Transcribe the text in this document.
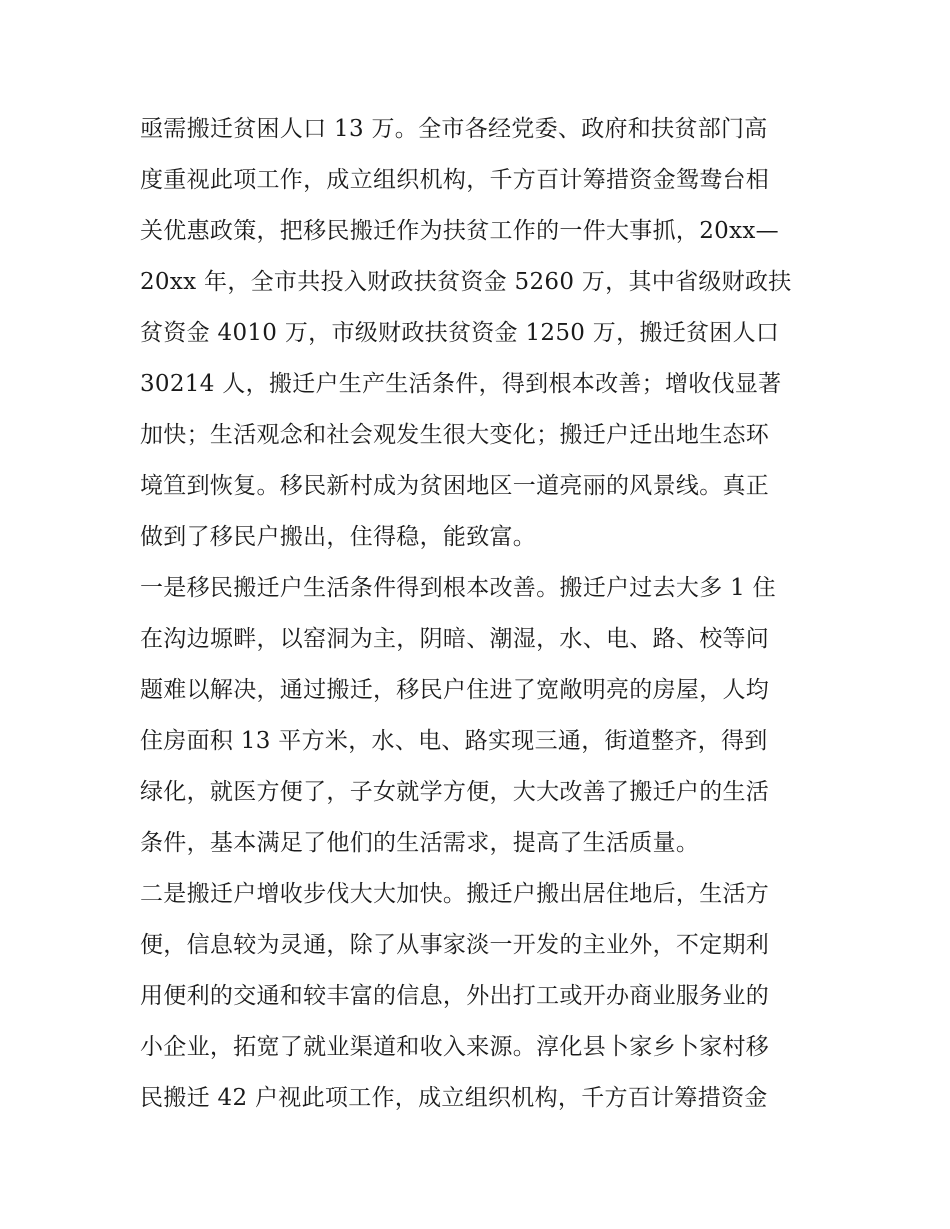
亟需搬迁贫困人口 13 万。全市各经党委、政府和扶贫部门高
度重视此项工作，成立组织机构，千方百计筹措资金鸳鸯台相
关优惠政策，把移民搬迁作为扶贫工作的一件大事抓，20xx—
20xx 年，全市共投入财政扶贫资金 5260 万，其中省级财政扶
贫资金 4010 万，市级财政扶贫资金 1250 万，搬迁贫困人口
30214 人，搬迁户生产生活条件，得到根本改善；增收伐显著
加快；生活观念和社会观发生很大变化；搬迁户迁出地生态环
境笪到恢复。移民新村成为贫困地区一道亮丽的风景线。真正
做到了移民户搬出，住得稳，能致富。
一是移民搬迁户生活条件得到根本改善。搬迁户过去大多 1 住
在沟边塬畔，以窑洞为主，阴暗、潮湿，水、电、路、校等问
题难以解决，通过搬迁，移民户住进了宽敞明亮的房屋，人均
住房面积 13 平方米，水、电、路实现三通，街道整齐，得到
绿化，就医方便了，子女就学方便，大大改善了搬迁户的生活
条件，基本满足了他们的生活需求，提高了生活质量。
二是搬迁户增收步伐大大加快。搬迁户搬出居住地后，生活方
便，信息较为灵通，除了从事家淡一开发的主业外，不定期利
用便利的交通和较丰富的信息，外出打工或开办商业服务业的
小企业，拓宽了就业渠道和收入来源。淳化县卜家乡卜家村移
民搬迁 42 户视此项工作，成立组织机构，千方百计筹措资金
